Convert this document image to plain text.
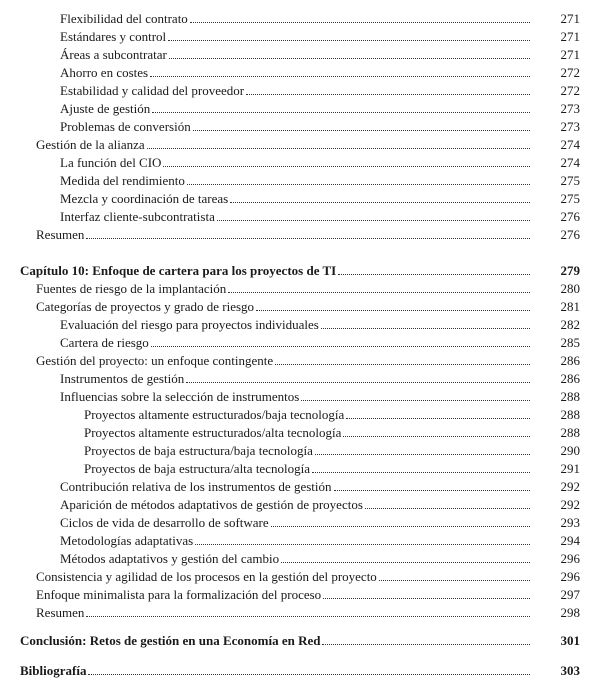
Flexibilidad del contrato	271
Estándares y control	271
Áreas a subcontratar	271
Ahorro en costes	272
Estabilidad y calidad del proveedor	272
Ajuste de gestión	273
Problemas de conversión	273
Gestión de la alianza	274
La función del CIO	274
Medida del rendimiento	275
Mezcla y coordinación de tareas	275
Interfaz cliente-subcontratista	276
Resumen	276
Capítulo 10: Enfoque de cartera para los proyectos de TI	279
Fuentes de riesgo de la implantación	280
Categorías de proyectos y grado de riesgo	281
Evaluación del riesgo para proyectos individuales	282
Cartera de riesgo	285
Gestión del proyecto: un enfoque contingente	286
Instrumentos de gestión	286
Influencias sobre la selección de instrumentos	288
Proyectos altamente estructurados/baja tecnología	288
Proyectos altamente estructurados/alta tecnología	288
Proyectos de baja estructura/baja tecnología	290
Proyectos de baja estructura/alta tecnología	291
Contribución relativa de los instrumentos de gestión	292
Aparición de métodos adaptativos de gestión de proyectos	292
Ciclos de vida de desarrollo de software	293
Metodologías adaptativas	294
Métodos adaptativos y gestión del cambio	296
Consistencia y agilidad de los procesos en la gestión del proyecto	296
Enfoque minimalista para la formalización del proceso	297
Resumen	298
Conclusión: Retos de gestión en una Economía en Red	301
Bibliografía	303
